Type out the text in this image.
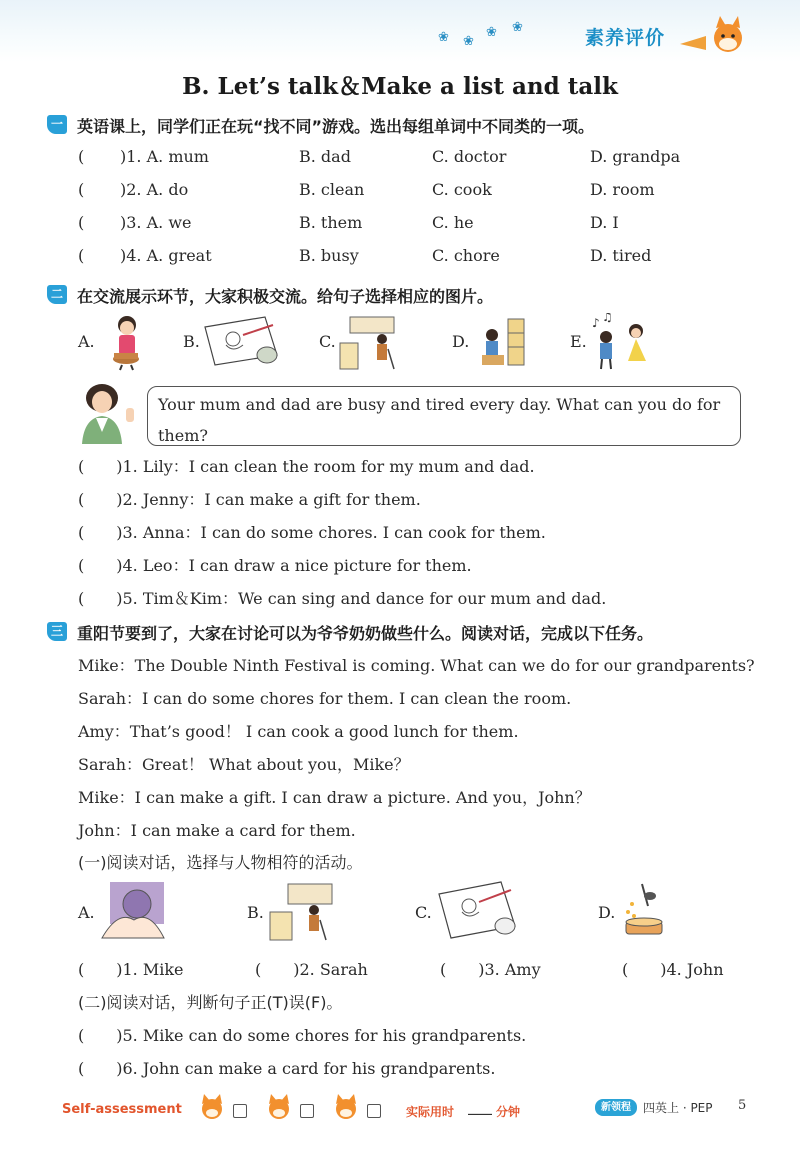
❀ ❀
❀ ❀	素养评价
B. Let’s talk＆Make a list and talk
一 英语课上，同学们正在玩“找不同”游戏。选出每组单词中不同类的一项。
( )1. A. mum	B. dad	C. doctor	D. grandpa
( )2. A. do	B. clean	C. cook	D. room
( )3. A. we	B. them	C. he	D. I
( )4. A. great	B. busy	C. chore	D. tired
二 在交流展示环节，大家积极交流。给句子选择相应的图片。
A.	B.	C.	D.	E.
♪ ♫
Your mum and dad are busy and tired every day. What can you do for them?
(　　)1. Lily：I can clean the room for my mum and dad.
(　　)2. Jenny：I can make a gift for them.
(　　)3. Anna：I can do some chores. I can cook for them.
(　　)4. Leo：I can draw a nice picture for them.
(　　)5. Tim＆Kim：We can sing and dance for our mum and dad.
三 重阳节要到了，大家在讨论可以为爷爷奶奶做些什么。阅读对话，完成以下任务。
Mike：The Double Ninth Festival is coming. What can we do for our grandparents?
Sarah：I can do some chores for them. I can clean the room.
Amy：That’s good！ I can cook a good lunch for them.
Sarah：Great！ What about you，Mike？
Mike：I can make a gift. I can draw a picture. And you，John？
John：I can make a card for them.
(一)阅读对话，选择与人物相符的活动。
A.	B.	C.	D.
(　　)1. Mike	(　　)2. Sarah	(　　)3. Amy	(　　)4. John
(二)阅读对话，判断句子正(T)误(F)。
(　　)5. Mike can do some chores for his grandparents.
(　　)6. John can make a card for his grandparents.
Self-assessment	实际用时 ____ 分钟	新领程	四英上 · PEP 5
